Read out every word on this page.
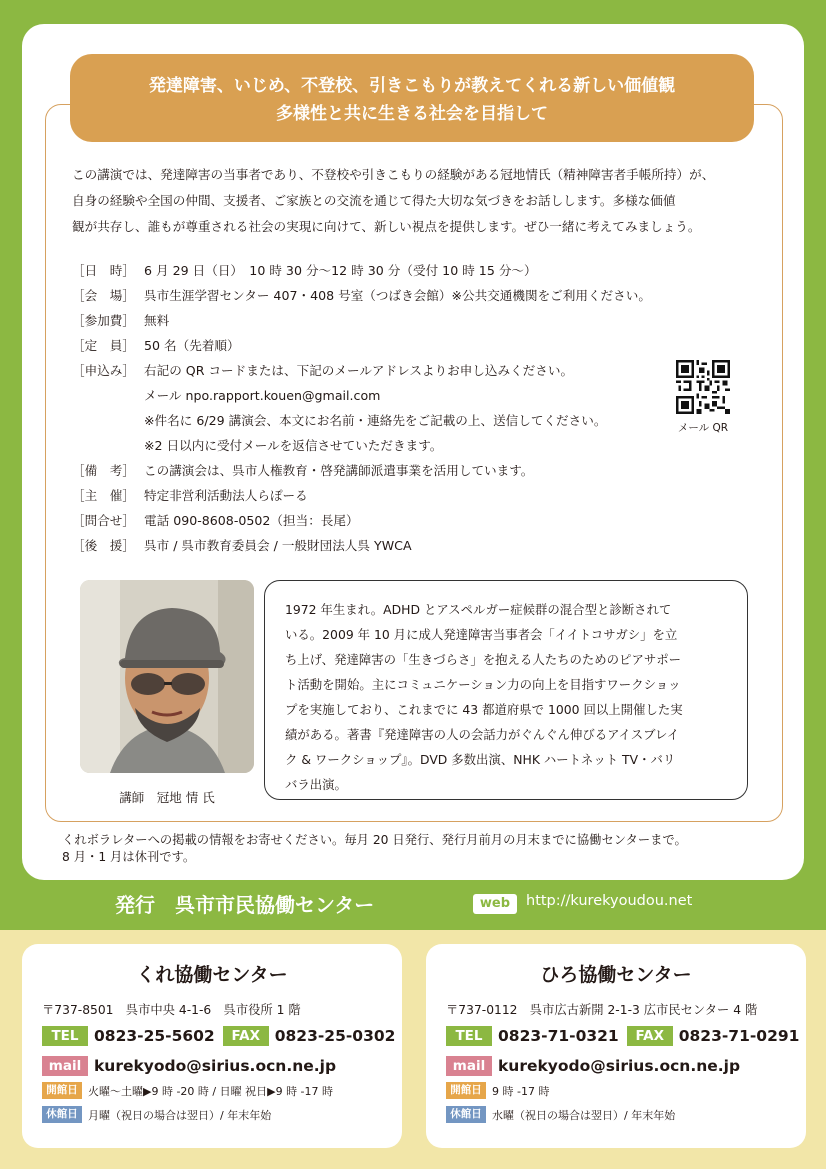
発達障害、いじめ、不登校、引きこもりが教えてくれる新しい価値観
多様性と共に生きる社会を目指して
この講演では、発達障害の当事者であり、不登校や引きこもりの経験がある冠地情氏（精神障害者手帳所持）が、
自身の経験や全国の仲間、支援者、ご家族との交流を通じて得た大切な気づきをお話しします。多様な価値
観が共存し、誰もが尊重される社会の実現に向けて、新しい視点を提供します。ぜひ一緒に考えてみましょう。
［日　時］ 6 月 29 日（日）　10 時 30 分〜12 時 30 分（受付 10 時 15 分〜）
［会　場］ 呉市生涯学習センター 407・408 号室（つばき会館）※公共交通機関をご利用ください。
［参加費］ 無料
［定　員］ 50 名（先着順）
［申込み］ 右記の QR コードまたは、下記のメールアドレスよりお申し込みください。
メール npo.rapport.kouen@gmail.com
※件名に 6/29 講演会、本文にお名前・連絡先をご記載の上、送信してください。
※2 日以内に受付メールを返信させていただきます。
［備　考］ この講演会は、呉市人権教育・啓発講師派遣事業を活用しています。
［主　催］ 特定非営利活動法人らぽーる
［問合せ］ 電話 090-8608-0502（担当：長尾）
［後　援］ 呉市 / 呉市教育委員会 / 一般財団法人呉 YWCA
メール QR
講師　冠地 情 氏
1972 年生まれ。ADHD とアスペルガー症候群の混合型と診断されて
いる。2009 年 10 月に成人発達障害当事者会「イイトコサガシ」を立
ち上げ、発達障害の「生きづらさ」を抱える人たちのためのピアサポー
ト活動を開始。主にコミュニケーション力の向上を目指すワークショッ
プを実施しており、これまでに 43 都道府県で 1000 回以上開催した実
績がある。著書『発達障害の人の会話力がぐんぐん伸びるアイスブレイ
ク & ワークショップ』。DVD 多数出演、NHK ハートネット TV・バリ
バラ出演。
くれボラレターへの掲載の情報をお寄せください。毎月 20 日発行、発行月前月の月末までに協働センターまで。
8 月・1 月は休刊です。
発行　呉市市民協働センター	web	http://kurekyoudou.net
くれ協働センター
〒737-8501　呉市中央 4-1-6　呉市役所 1 階
TEL 0823-25-5602	FAX 0823-25-0302
mail kurekyodo@sirius.ocn.ne.jp
開館日 火曜〜土曜▶9 時 -20 時 / 日曜 祝日▶9 時 -17 時
休館日 月曜（祝日の場合は翌日）/ 年末年始
ひろ協働センター
〒737-0112　呉市広古新開 2-1-3 広市民センター 4 階
TEL 0823-71-0321	FAX 0823-71-0291
mail kurekyodo@sirius.ocn.ne.jp
開館日 9 時 -17 時
休館日 水曜（祝日の場合は翌日）/ 年末年始
